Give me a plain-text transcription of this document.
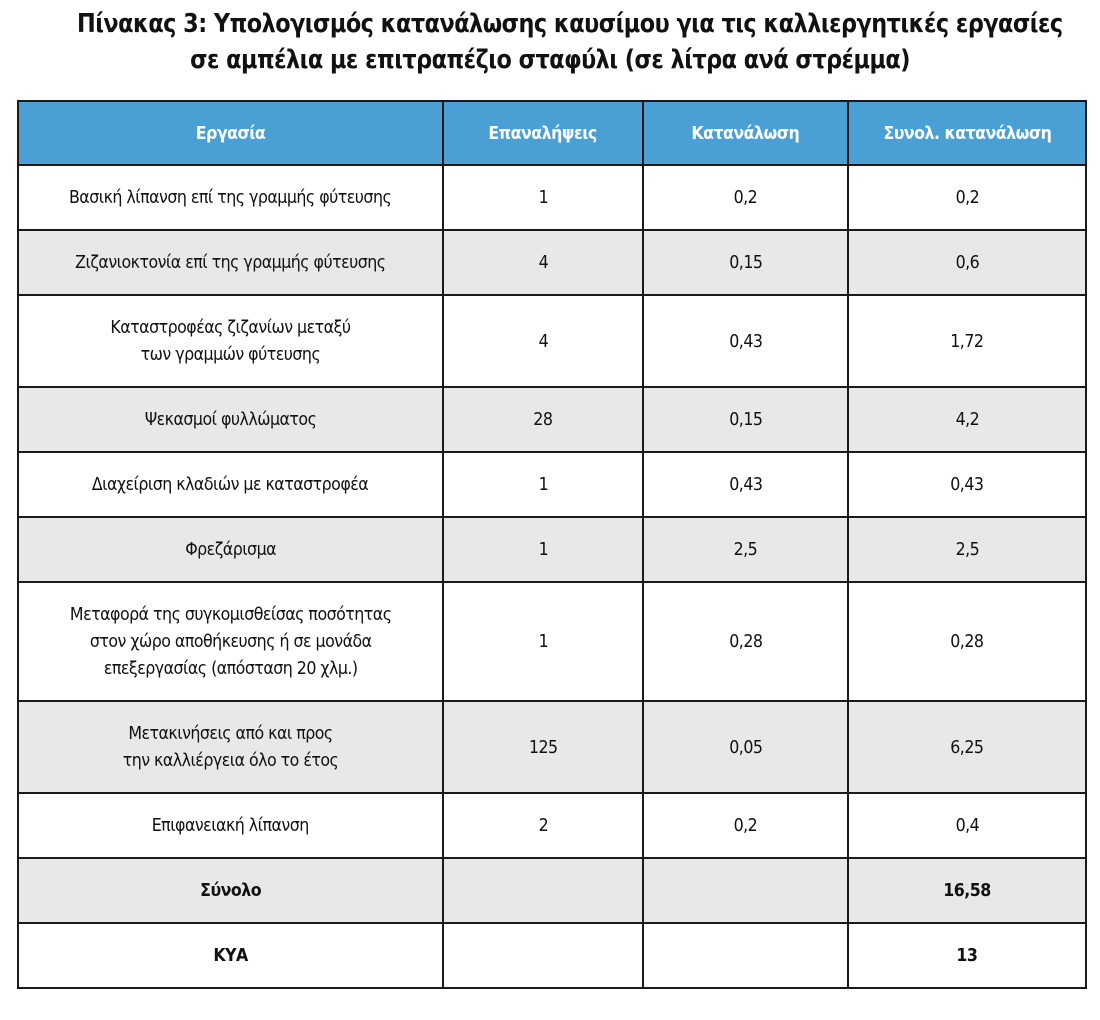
Πίνακας 3: Υπολογισμός κατανάλωσης καυσίμου για τις καλλιεργητικές εργασίες
σε αμπέλια με επιτραπέζιο σταφύλι (σε λίτρα ανά στρέμμα)
Εργασία	Επαναλήψεις	Κατανάλωση	Συνολ. κατανάλωση
Βασική λίπανση επί της γραμμής φύτευσης	1	0,2	0,2
Ζιζανιοκτονία επί της γραμμής φύτευσης	4	0,15	0,6
Καταστροφέας ζιζανίων μεταξύ
των γραμμών φύτευσης	4	0,43	1,72
Ψεκασμοί φυλλώματος	28	0,15	4,2
Διαχείριση κλαδιών με καταστροφέα	1	0,43	0,43
Φρεζάρισμα	1	2,5	2,5
Μεταφορά της συγκομισθείσας ποσότητας
στον χώρο αποθήκευσης ή σε μονάδα
επεξεργασίας (απόσταση 20 χλμ.)	1	0,28	0,28
Μετακινήσεις από και προς
την καλλιέργεια όλο το έτος	125	0,05	6,25
Επιφανειακή λίπανση	2	0,2	0,4
Σύνολο			16,58
ΚΥΑ			13
